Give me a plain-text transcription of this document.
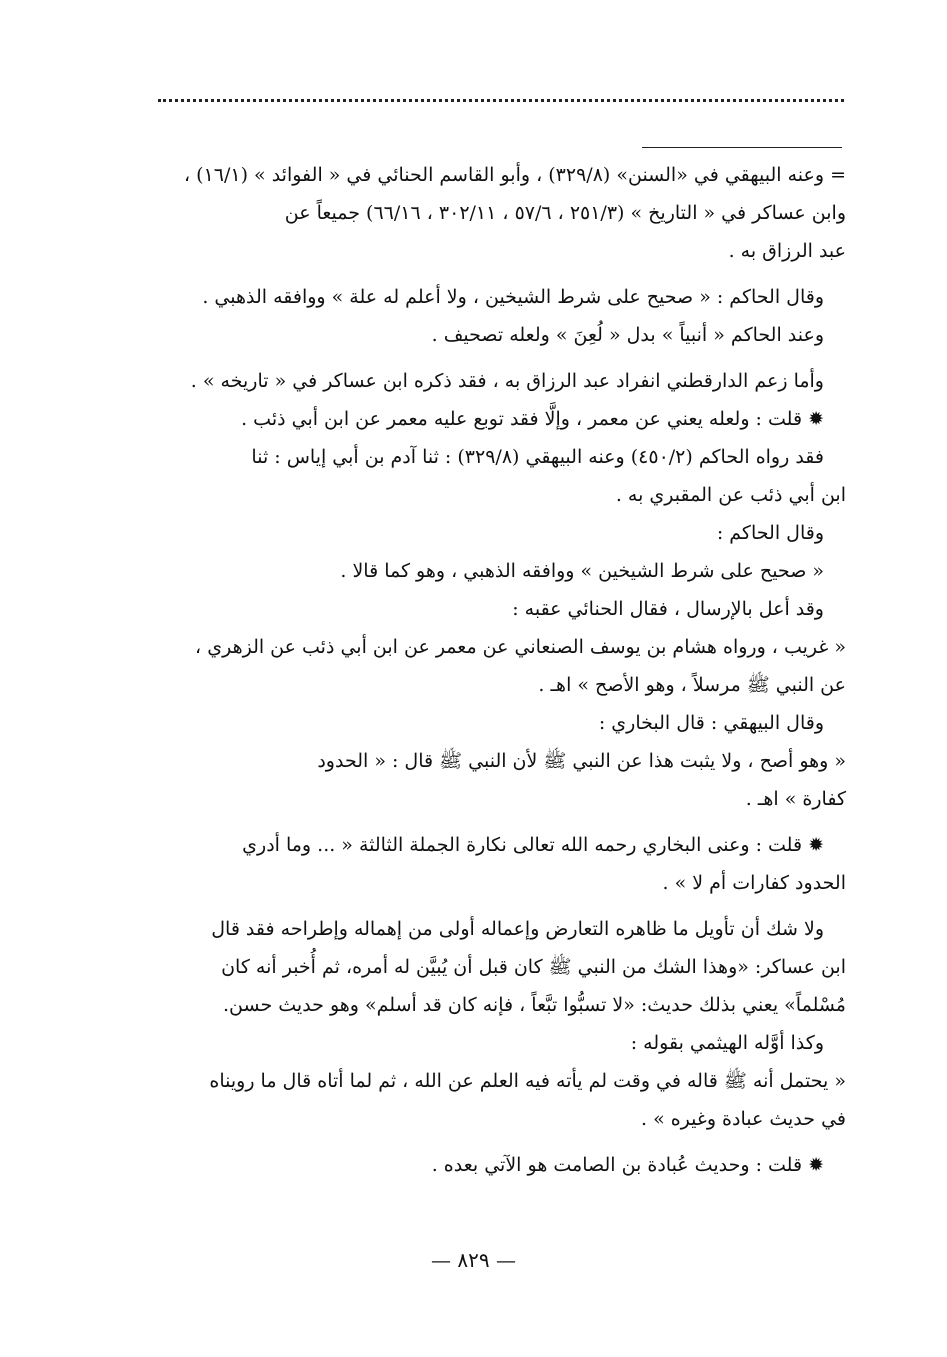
= وعنه البيهقي في «السنن» (٣٢٩/٨) ، وأبو القاسم الحنائي في « الفوائد » (١٦/١) ،
وابن عساكر في « التاريخ » (٢٥١/٣ ، ٥٧/٦ ، ٣٠٢/١١ ، ٦٦/١٦) جميعاً عن
عبد الرزاق به .
وقال الحاكم : « صحيح على شرط الشيخين ، ولا أعلم له علة » ووافقه الذهبي .
وعند الحاكم « أنبياً » بدل « لُعِنَ » ولعله تصحيف .
وأما زعم الدارقطني انفراد عبد الرزاق به ، فقد ذكره ابن عساكر في « تاريخه » .
✹ قلت : ولعله يعني عن معمر ، وإلَّا فقد توبع عليه معمر عن ابن أبي ذئب .
فقد رواه الحاكم (٤٥٠/٢) وعنه البيهقي (٣٢٩/٨) : ثنا آدم بن أبي إياس : ثنا
ابن أبي ذئب عن المقبري به .
وقال الحاكم :
« صحيح على شرط الشيخين » ووافقه الذهبي ، وهو كما قالا .
وقد أعل بالإرسال ، فقال الحنائي عقبه :
« غريب ، ورواه هشام بن يوسف الصنعاني عن معمر عن ابن أبي ذئب عن الزهري ،
عن النبي ﷺ مرسلاً ، وهو الأصح » اهـ .
وقال البيهقي : قال البخاري :
« وهو أصح ، ولا يثبت هذا عن النبي ﷺ لأن النبي ﷺ قال : « الحدود
كفارة » اهـ .
✹ قلت : وعنى البخاري رحمه الله تعالى نكارة الجملة الثالثة « ... وما أدري
الحدود كفارات أم لا » .
ولا شك أن تأويل ما ظاهره التعارض وإعماله أولى من إهماله وإطراحه فقد قال
ابن عساكر: «وهذا الشك من النبي ﷺ كان قبل أن يُبيَّن له أمره، ثم أُخبر أنه كان
مُسْلماً» يعني بذلك حديث: «لا تسبُّوا تبَّعاً ، فإنه كان قد أسلم» وهو حديث حسن.
وكذا أوَّله الهيثمي بقوله :
« يحتمل أنه ﷺ قاله في وقت لم يأته فيه العلم عن الله ، ثم لما أتاه قال ما رويناه
في حديث عبادة وغيره » .
✹ قلت : وحديث عُبادة بن الصامت هو الآتي بعده .
— ٨٢٩ —
